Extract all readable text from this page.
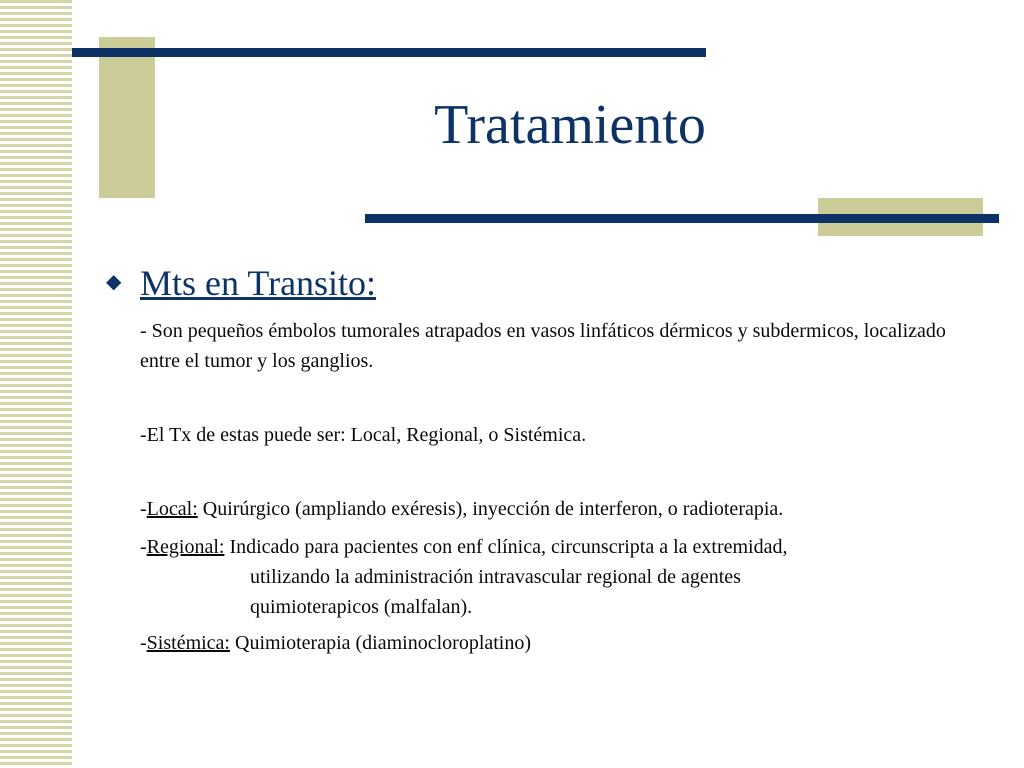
Tratamiento
◆ Mts en Transito:

- Son pequeños émbolos tumorales atrapados en vasos linfáticos dérmicos y subdermicos, localizado entre el tumor y los ganglios.

-El Tx de estas puede ser: Local, Regional, o Sistémica.

-Local: Quirúrgico (ampliando exéresis), inyección de interferon, o radioterapia.

-Regional: Indicado para pacientes con enf clínica, circunscripta a la extremidad,
utilizando la administración intravascular regional de agentes
quimioterapicos (malfalan).

-Sistémica: Quimioterapia (diaminocloroplatino)
